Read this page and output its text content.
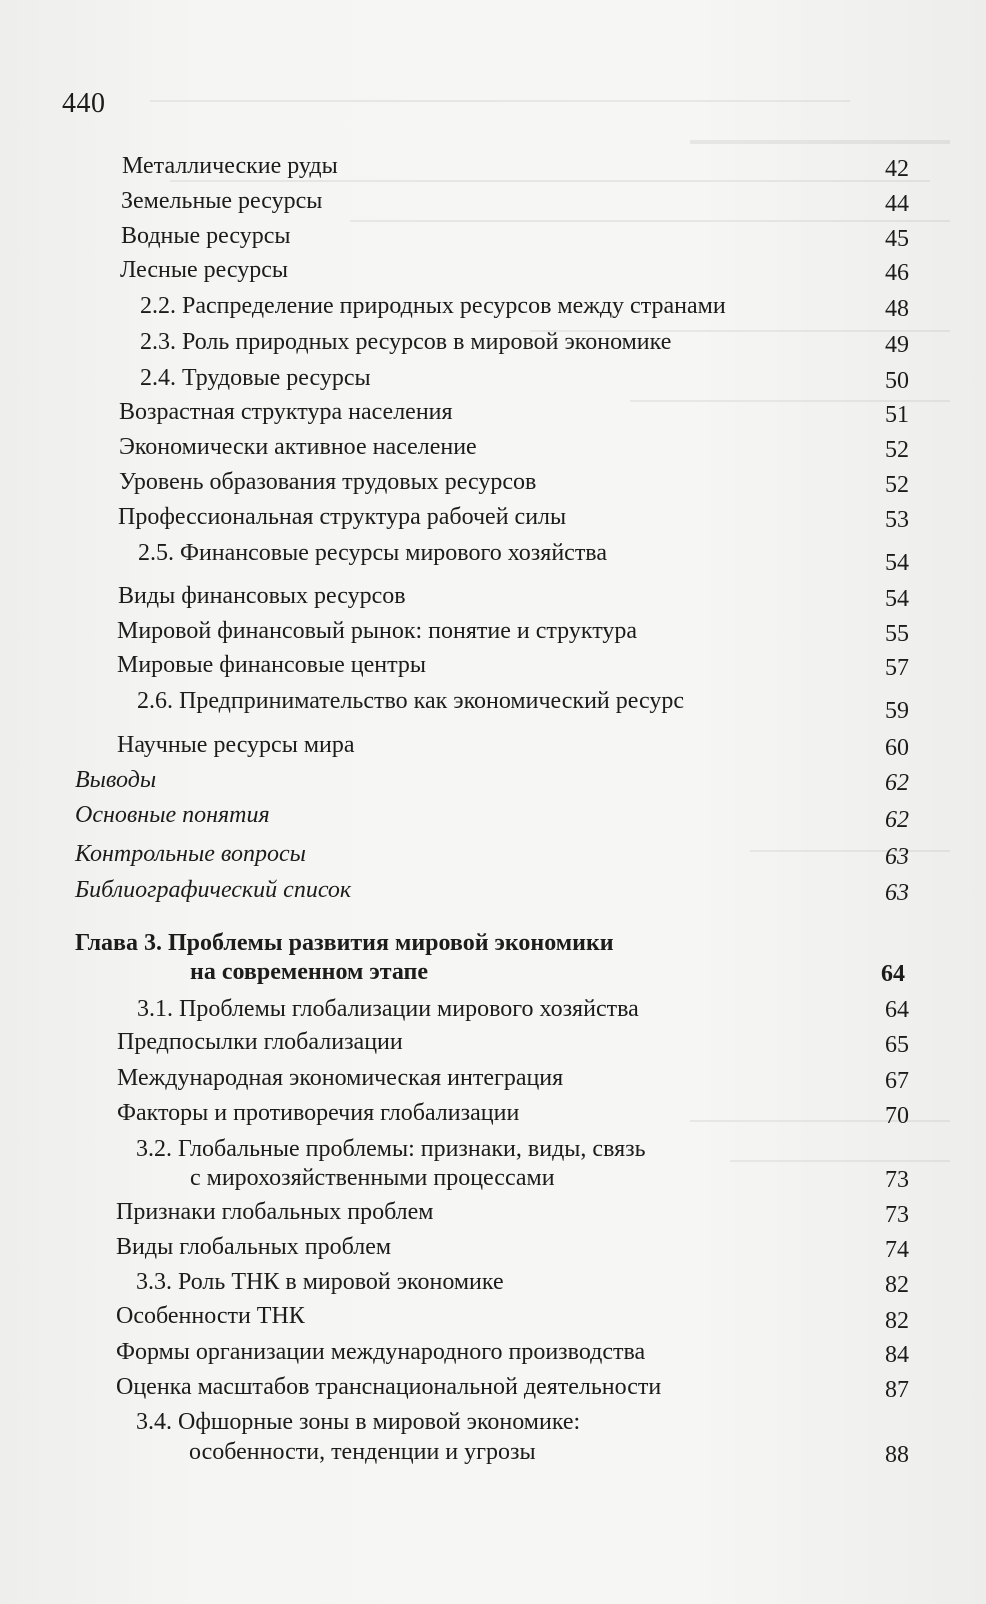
440
Металлические руды	42
Земельные ресурсы	44
Водные ресурсы	45
Лесные ресурсы	46
2.2. Распределение природных ресурсов между странами	48
2.3. Роль природных ресурсов в мировой экономике	49
2.4. Трудовые ресурсы	50
Возрастная структура населения	51
Экономически активное население	52
Уровень образования трудовых ресурсов	52
Профессиональная структура рабочей силы	53
2.5. Финансовые ресурсы мирового хозяйства	54
Виды финансовых ресурсов	54
Мировой финансовый рынок: понятие и структура	55
Мировые финансовые центры	57
2.6. Предпринимательство как экономический ресурс	59
Научные ресурсы мира	60
Выводы	62
Основные понятия	62
Контрольные вопросы	63
Библиографический список	63
Глава 3. Проблемы развития мировой экономики
на современном этапе	64
3.1. Проблемы глобализации мирового хозяйства	64
Предпосылки глобализации	65
Международная экономическая интеграция	67
Факторы и противоречия глобализации	70
3.2. Глобальные проблемы: признаки, виды, связь
с мирохозяйственными процессами	73
Признаки глобальных проблем	73
Виды глобальных проблем	74
3.3. Роль ТНК в мировой экономике	82
Особенности ТНК	82
Формы организации международного производства	84
Оценка масштабов транснациональной деятельности	87
3.4. Офшорные зоны в мировой экономике:
особенности, тенденции и угрозы	88
